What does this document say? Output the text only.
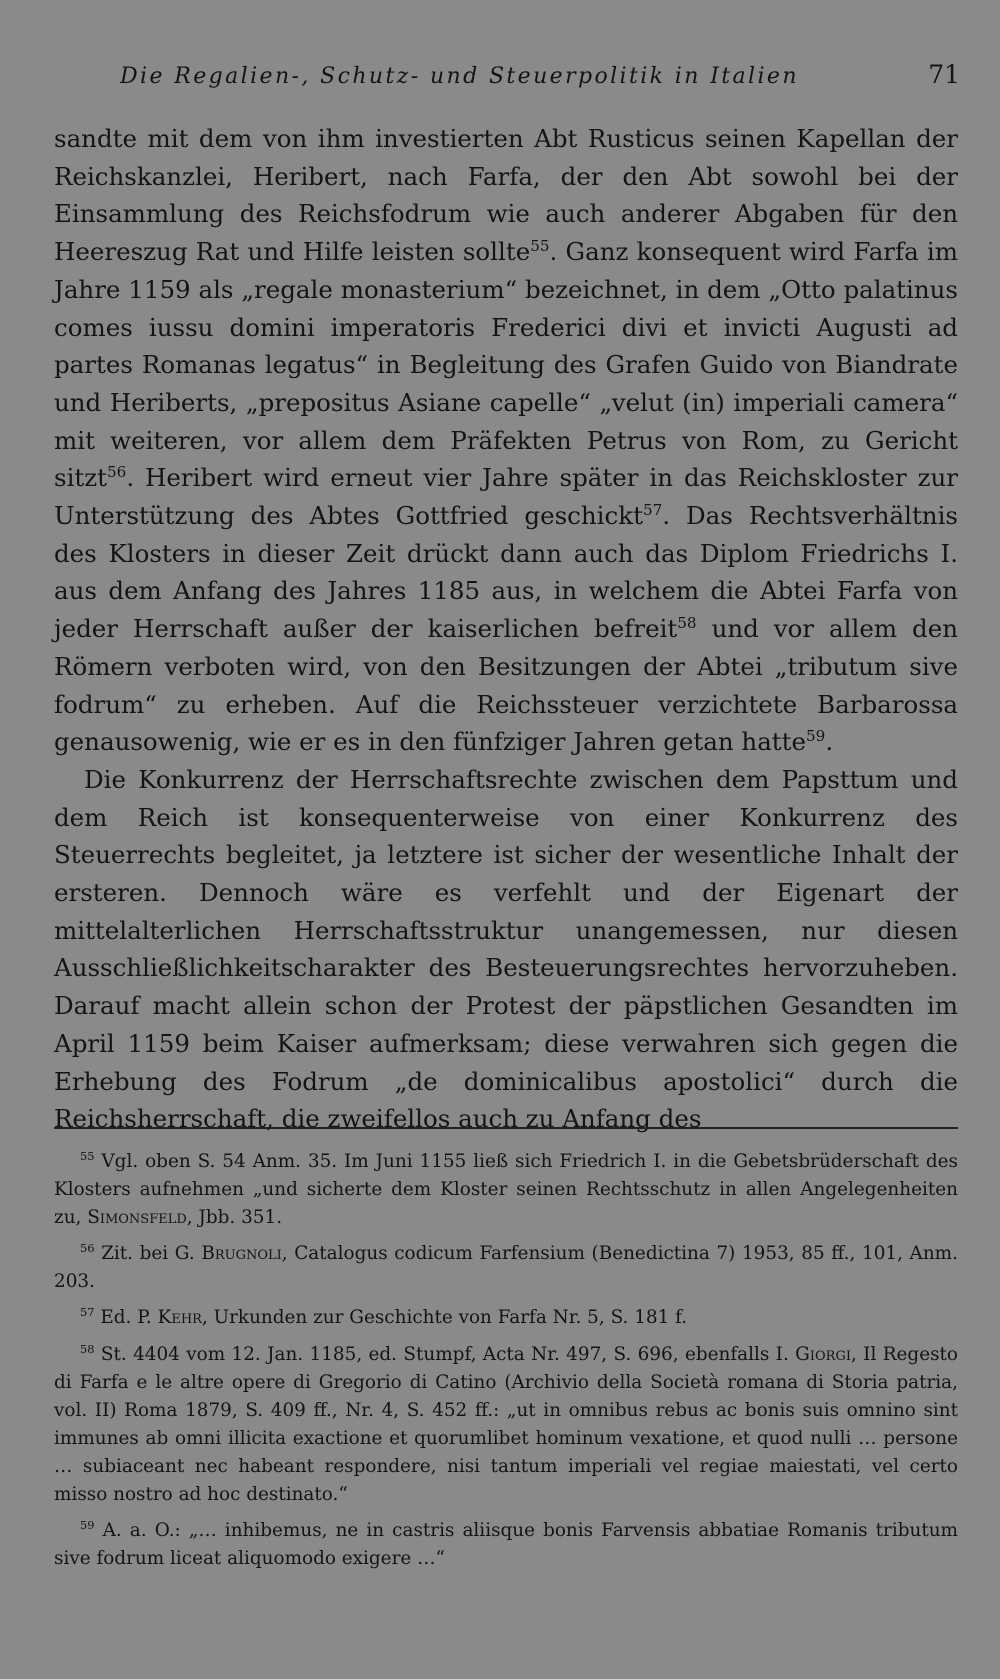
Die Regalien-, Schutz- und Steuerpolitik in Italien	71

sandte mit dem von ihm investierten Abt Rusticus seinen Kapellan der Reichskanzlei, Heribert, nach Farfa, der den Abt sowohl bei der Einsammlung des Reichsfodrum wie auch anderer Abgaben für den Heereszug Rat und Hilfe leisten sollte$^{55}$. Ganz konsequent wird Farfa im Jahre 1159 als „regale monasterium“ bezeichnet, in dem „Otto palatinus comes iussu domini imperatoris Frederici divi et invicti Augusti ad partes Romanas legatus“ in Begleitung des Grafen Guido von Biandrate und Heriberts, „prepositus Asiane capelle“ „velut (in) imperiali camera“ mit weiteren, vor allem dem Präfekten Petrus von Rom, zu Gericht sitzt$^{56}$. Heribert wird erneut vier Jahre später in das Reichskloster zur Unterstützung des Abtes Gottfried geschickt$^{57}$. Das Rechtsverhältnis des Klosters in dieser Zeit drückt dann auch das Diplom Friedrichs I. aus dem Anfang des Jahres 1185 aus, in welchem die Abtei Farfa von jeder Herrschaft außer der kaiserlichen befreit$^{58}$ und vor allem den Römern verboten wird, von den Besitzungen der Abtei „tributum sive fodrum“ zu erheben. Auf die Reichssteuer verzichtete Barbarossa genausowenig, wie er es in den fünfziger Jahren getan hatte$^{59}$.

Die Konkurrenz der Herrschaftsrechte zwischen dem Papsttum und dem Reich ist konsequenterweise von einer Konkurrenz des Steuerrechts begleitet, ja letztere ist sicher der wesentliche Inhalt der ersteren. Dennoch wäre es verfehlt und der Eigenart der mittelalterlichen Herrschaftsstruktur unangemessen, nur diesen Ausschließlichkeitscharakter des Besteuerungsrechtes hervorzuheben. Darauf macht allein schon der Protest der päpstlichen Gesandten im April 1159 beim Kaiser aufmerksam; diese verwahren sich gegen die Erhebung des Fodrum „de dominicalibus apostolici“ durch die Reichsherrschaft, die zweifellos auch zu Anfang des

$^{55}$ Vgl. oben S. 54 Anm. 35. Im Juni 1155 ließ sich Friedrich I. in die Gebetsbrüderschaft des Klosters aufnehmen „und sicherte dem Kloster seinen Rechtsschutz in allen Angelegenheiten zu, Simonsfeld, Jbb. 351.

$^{56}$ Zit. bei G. Brugnoli, Catalogus codicum Farfensium (Benedictina 7) 1953, 85 ff., 101, Anm. 203.

$^{57}$ Ed. P. Kehr, Urkunden zur Geschichte von Farfa Nr. 5, S. 181 f.

$^{58}$ St. 4404 vom 12. Jan. 1185, ed. Stumpf, Acta Nr. 497, S. 696, ebenfalls I. Giorgi, Il Regesto di Farfa e le altre opere di Gregorio di Catino (Archivio della Società romana di Storia patria, vol. II) Roma 1879, S. 409 ff., Nr. 4, S. 452 ff.: „ut in omnibus rebus ac bonis suis omnino sint immunes ab omni illicita exactione et quorumlibet hominum vexatione, et quod nulli … persone … subiaceant nec habeant respondere, nisi tantum imperiali vel regiae maiestati, vel certo misso nostro ad hoc destinato.“

$^{59}$ A. a. O.: „… inhibemus, ne in castris aliisque bonis Farvensis abbatiae Romanis tributum sive fodrum liceat aliquomodo exigere …“
